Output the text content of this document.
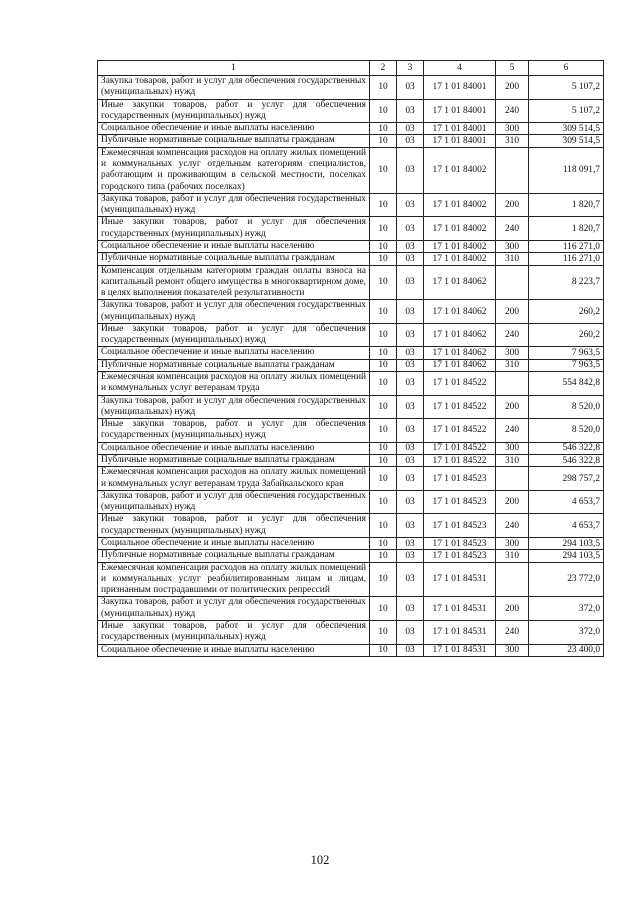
1	2	3	4	5	6
Закупка товаров, работ и услуг для обеспечения государственных (муниципальных) нужд	10	03	17 1 01 84001	200	5 107,2
Иные закупки товаров, работ и услуг для обеспечения государственных (муниципальных) нужд	10	03	17 1 01 84001	240	5 107,2
Социальное обеспечение и иные выплаты населению	10	03	17 1 01 84001	300	309 514,5
Публичные нормативные социальные выплаты гражданам	10	03	17 1 01 84001	310	309 514,5
Ежемесячная компенсация расходов на оплату жилых помещений и коммунальных услуг отдельным категориям специалистов, работающим и проживающим в сельской местности, поселках городского типа (рабочих поселках)	10	03	17 1 01 84002		118 091,7
Закупка товаров, работ и услуг для обеспечения государственных (муниципальных) нужд	10	03	17 1 01 84002	200	1 820,7
Иные закупки товаров, работ и услуг для обеспечения государственных (муниципальных) нужд	10	03	17 1 01 84002	240	1 820,7
Социальное обеспечение и иные выплаты населению	10	03	17 1 01 84002	300	116 271,0
Публичные нормативные социальные выплаты гражданам	10	03	17 1 01 84002	310	116 271,0
Компенсация отдельным категориям граждан оплаты взноса на капитальный ремонт общего имущества в многоквартирном доме, в целях выполнения показателей результативности	10	03	17 1 01 84062		8 223,7
Закупка товаров, работ и услуг для обеспечения государственных (муниципальных) нужд	10	03	17 1 01 84062	200	260,2
Иные закупки товаров, работ и услуг для обеспечения государственных (муниципальных) нужд	10	03	17 1 01 84062	240	260,2
Социальное обеспечение и иные выплаты населению	10	03	17 1 01 84062	300	7 963,5
Публичные нормативные социальные выплаты гражданам	10	03	17 1 01 84062	310	7 963,5
Ежемесячная компенсация расходов на оплату жилых помещений и коммунальных услуг ветеранам труда	10	03	17 1 01 84522		554 842,8
Закупка товаров, работ и услуг для обеспечения государственных (муниципальных) нужд	10	03	17 1 01 84522	200	8 520,0
Иные закупки товаров, работ и услуг для обеспечения государственных (муниципальных) нужд	10	03	17 1 01 84522	240	8 520,0
Социальное обеспечение и иные выплаты населению	10	03	17 1 01 84522	300	546 322,8
Публичные нормативные социальные выплаты гражданам	10	03	17 1 01 84522	310	546 322,8
Ежемесячная компенсация расходов на оплату жилых помещений и коммунальных услуг ветеранам труда Забайкальского края	10	03	17 1 01 84523		298 757,2
Закупка товаров, работ и услуг для обеспечения государственных (муниципальных) нужд	10	03	17 1 01 84523	200	4 653,7
Иные закупки товаров, работ и услуг для обеспечения государственных (муниципальных) нужд	10	03	17 1 01 84523	240	4 653,7
Социальное обеспечение и иные выплаты населению	10	03	17 1 01 84523	300	294 103,5
Публичные нормативные социальные выплаты гражданам	10	03	17 1 01 84523	310	294 103,5
Ежемесячная компенсация расходов на оплату жилых помещений и коммунальных услуг реабилитированным лицам и лицам, признанным пострадавшими от политических репрессий	10	03	17 1 01 84531		23 772,0
Закупка товаров, работ и услуг для обеспечения государственных (муниципальных) нужд	10	03	17 1 01 84531	200	372,0
Иные закупки товаров, работ и услуг для обеспечения государственных (муниципальных) нужд	10	03	17 1 01 84531	240	372,0
Социальное обеспечение и иные выплаты населению	10	03	17 1 01 84531	300	23 400,0
102
